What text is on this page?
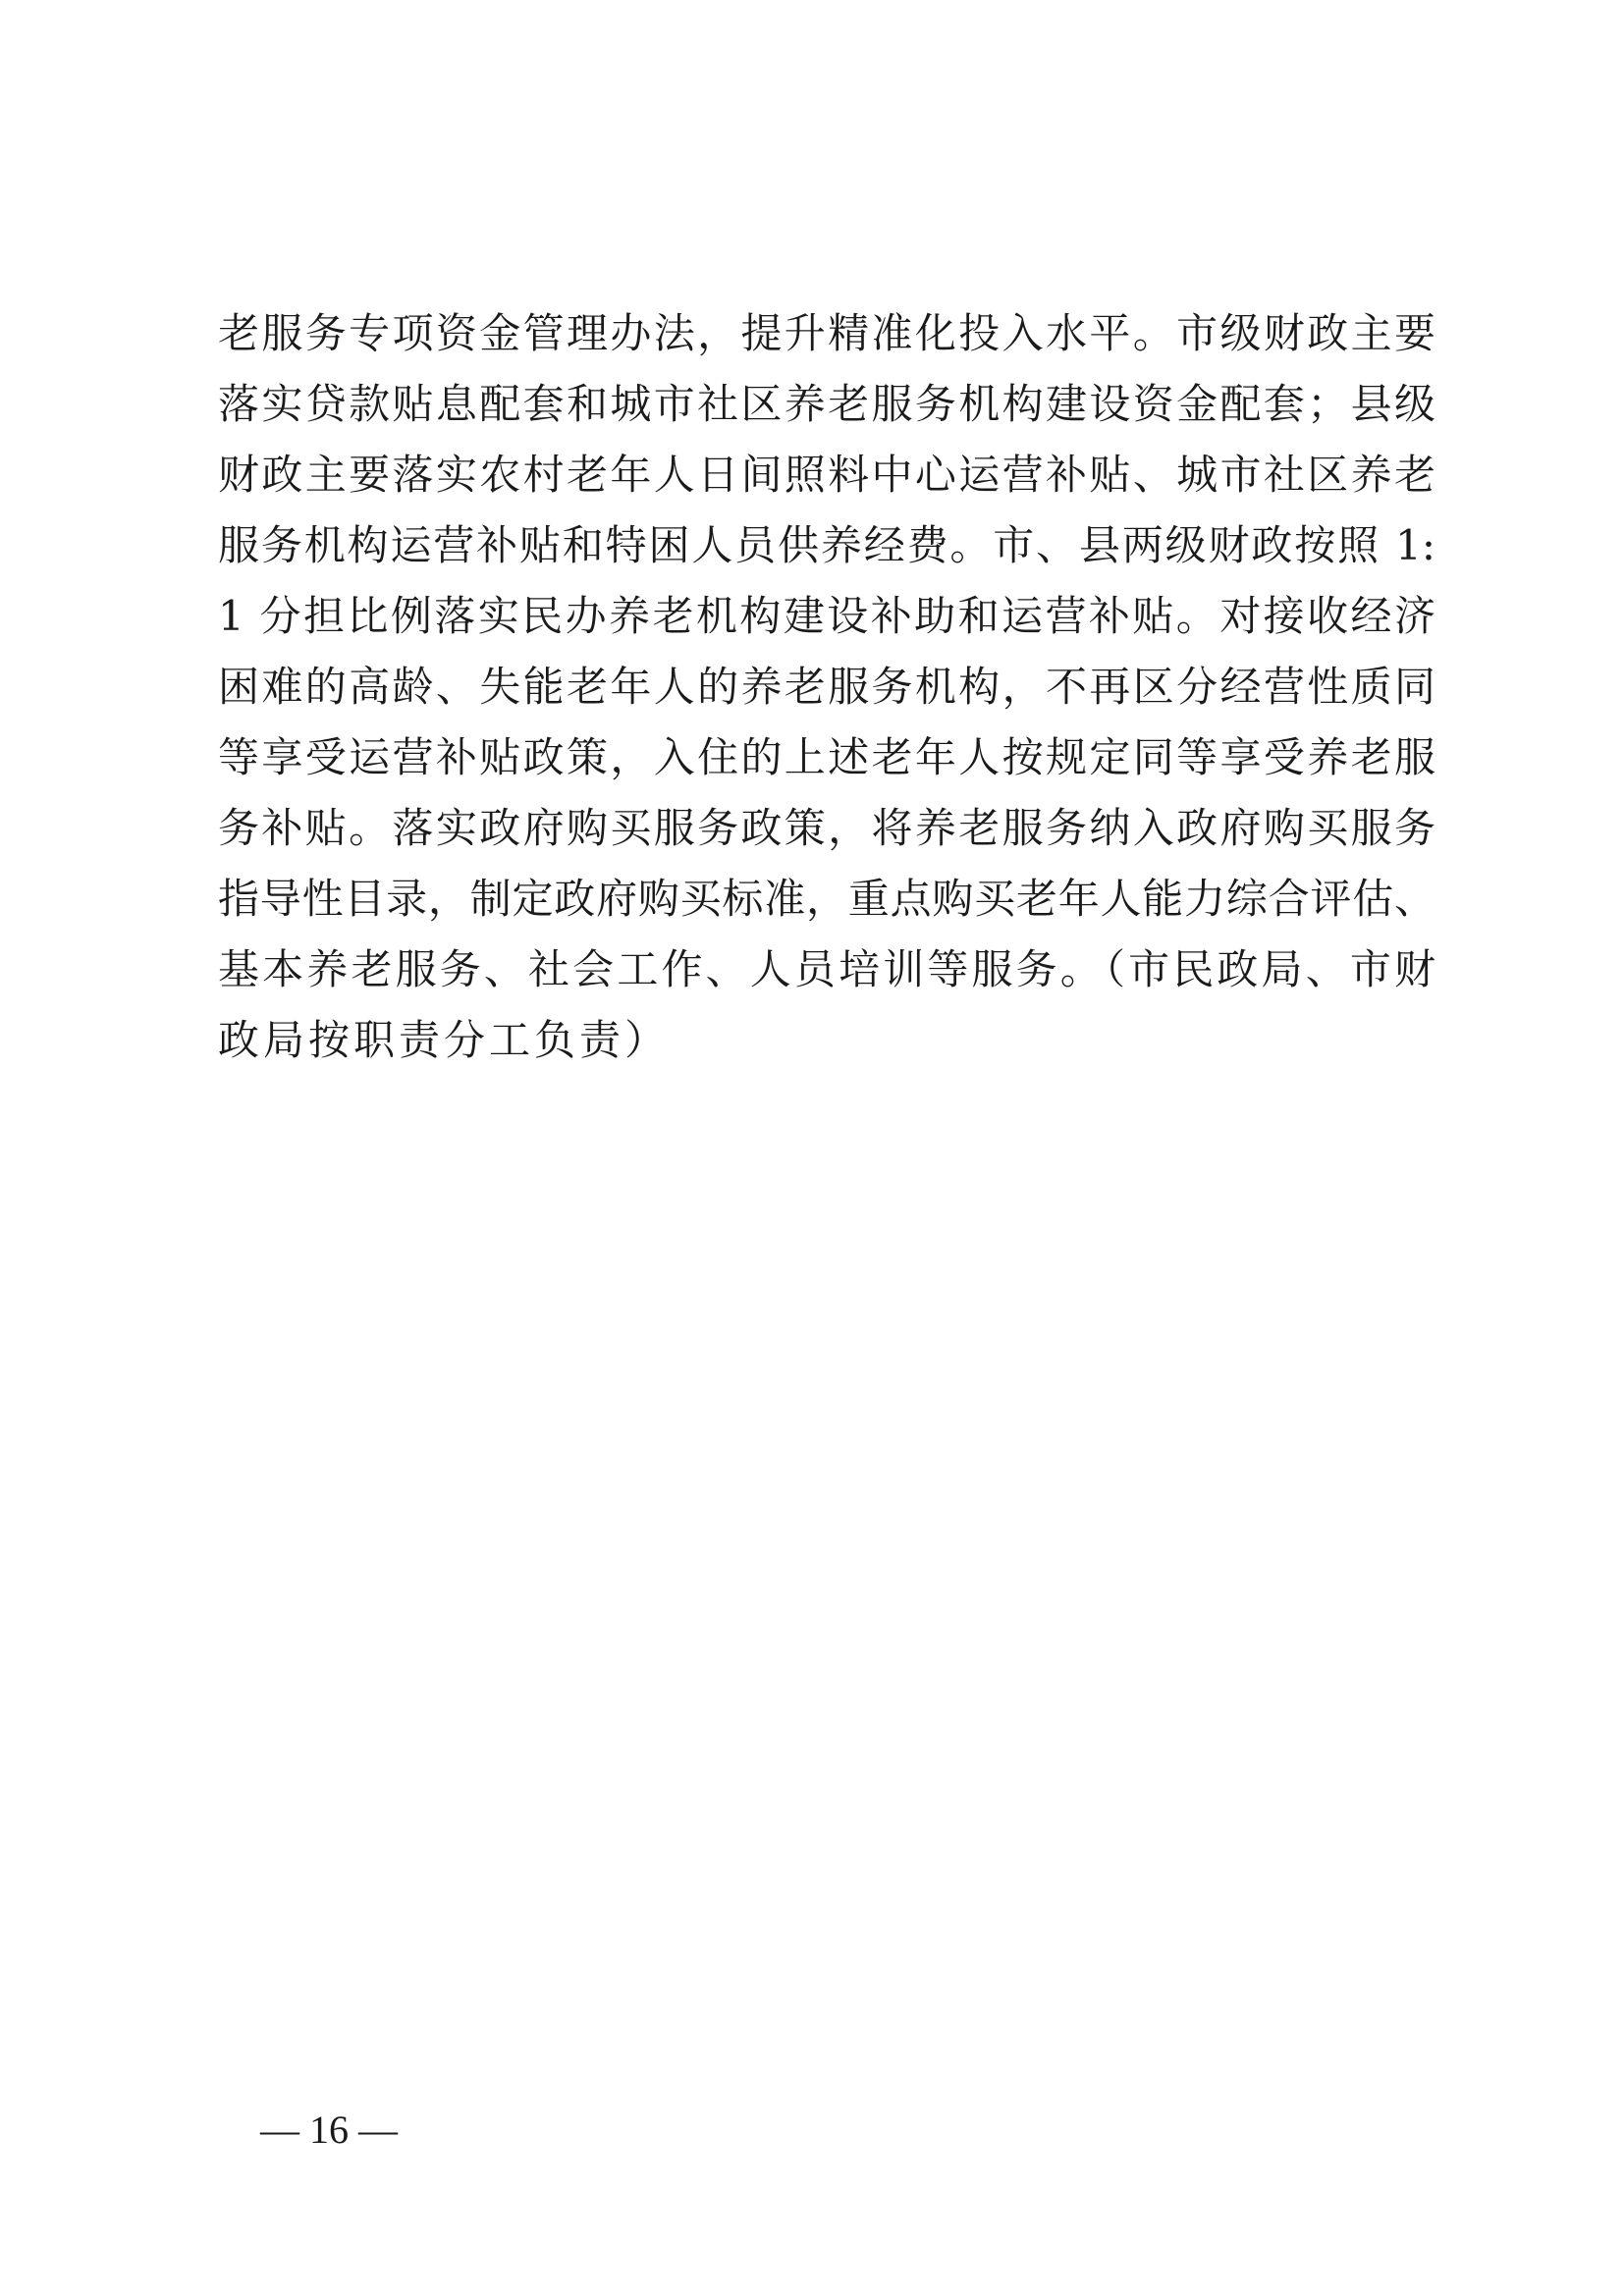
老服务专项资金管理办法，提升精准化投入水平。市级财政主要
落实贷款贴息配套和城市社区养老服务机构建设资金配套；县级
财政主要落实农村老年人日间照料中心运营补贴、城市社区养老
服务机构运营补贴和特困人员供养经费。市、县两级财政按照 1:
1 分担比例落实民办养老机构建设补助和运营补贴。对接收经济
困难的高龄、失能老年人的养老服务机构，不再区分经营性质同
等享受运营补贴政策，入住的上述老年人按规定同等享受养老服
务补贴。落实政府购买服务政策，将养老服务纳入政府购买服务
指导性目录，制定政府购买标准，重点购买老年人能力综合评估、
基本养老服务、社会工作、人员培训等服务。（市民政局、市财
政局按职责分工负责）
— 16 —
